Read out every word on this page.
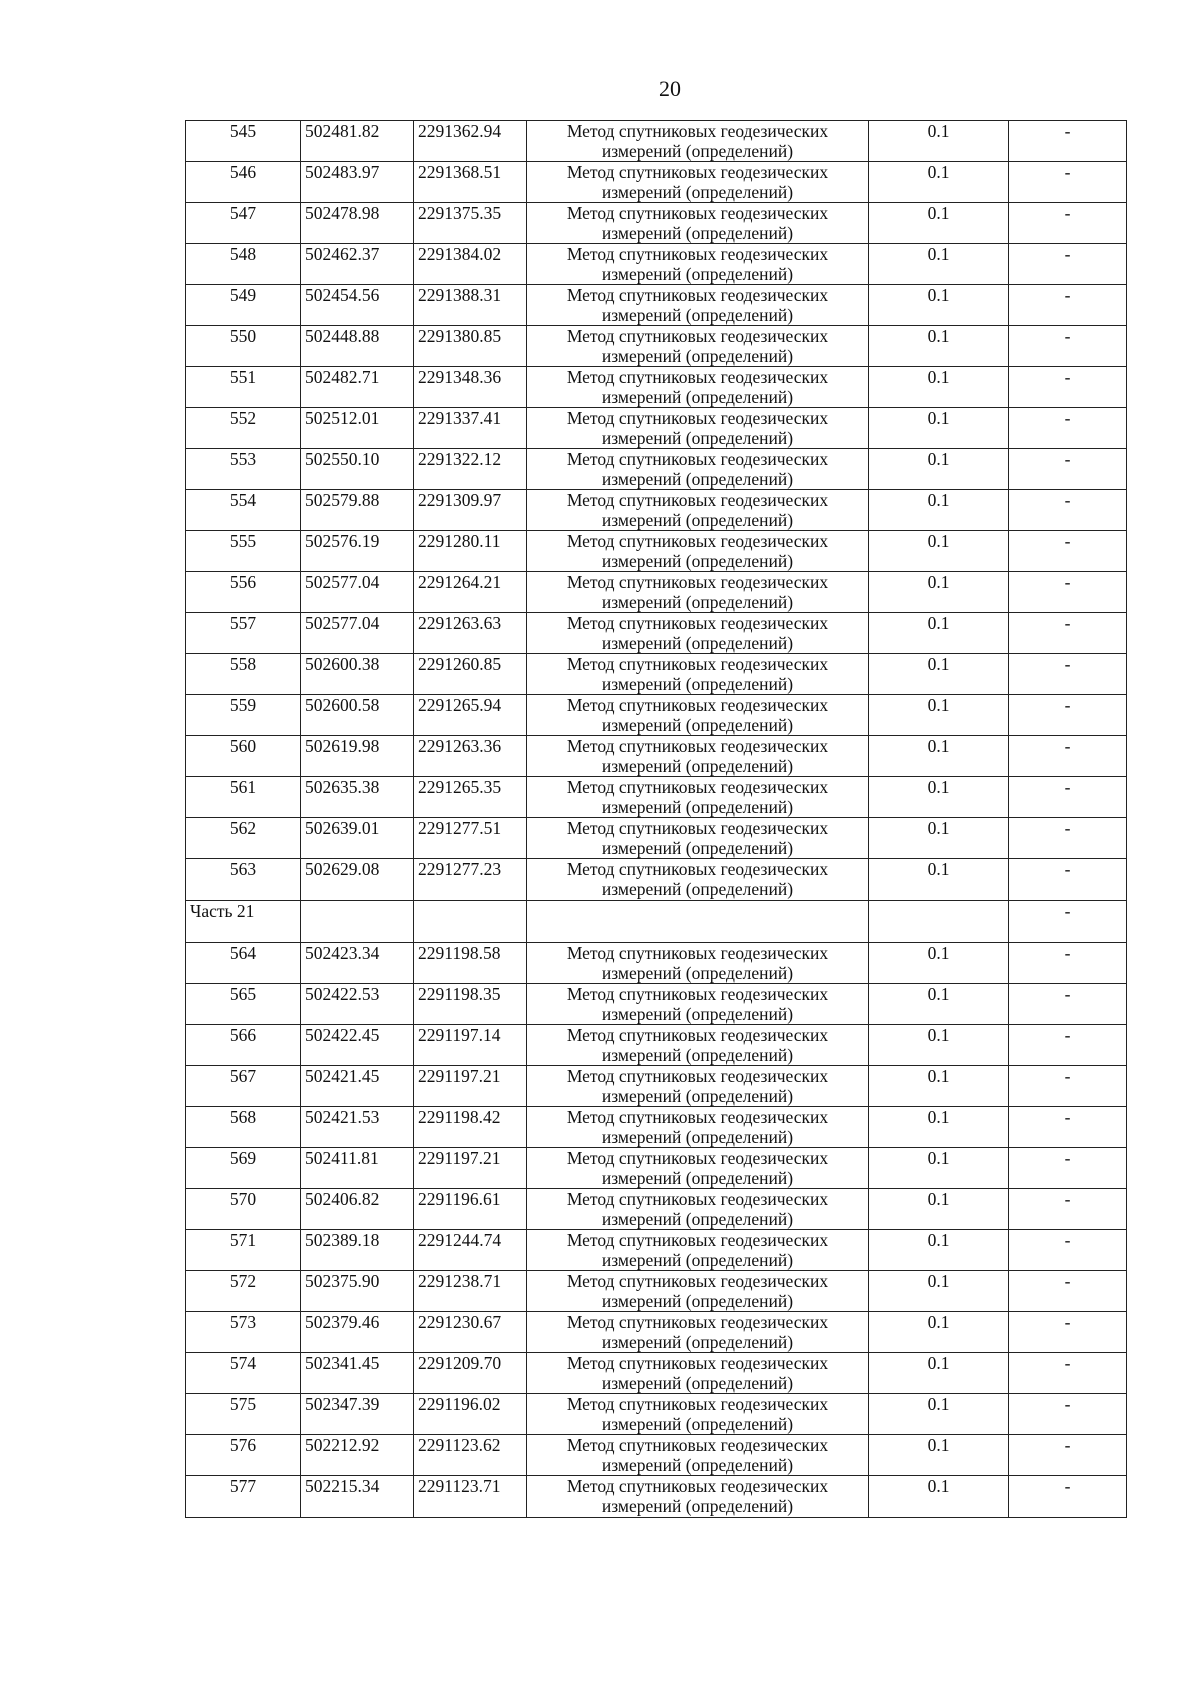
20
545	502481.82	2291362.94	Метод спутниковых геодезических измерений (определений)	0.1	-
546	502483.97	2291368.51	Метод спутниковых геодезических измерений (определений)	0.1	-
547	502478.98	2291375.35	Метод спутниковых геодезических измерений (определений)	0.1	-
548	502462.37	2291384.02	Метод спутниковых геодезических измерений (определений)	0.1	-
549	502454.56	2291388.31	Метод спутниковых геодезических измерений (определений)	0.1	-
550	502448.88	2291380.85	Метод спутниковых геодезических измерений (определений)	0.1	-
551	502482.71	2291348.36	Метод спутниковых геодезических измерений (определений)	0.1	-
552	502512.01	2291337.41	Метод спутниковых геодезических измерений (определений)	0.1	-
553	502550.10	2291322.12	Метод спутниковых геодезических измерений (определений)	0.1	-
554	502579.88	2291309.97	Метод спутниковых геодезических измерений (определений)	0.1	-
555	502576.19	2291280.11	Метод спутниковых геодезических измерений (определений)	0.1	-
556	502577.04	2291264.21	Метод спутниковых геодезических измерений (определений)	0.1	-
557	502577.04	2291263.63	Метод спутниковых геодезических измерений (определений)	0.1	-
558	502600.38	2291260.85	Метод спутниковых геодезических измерений (определений)	0.1	-
559	502600.58	2291265.94	Метод спутниковых геодезических измерений (определений)	0.1	-
560	502619.98	2291263.36	Метод спутниковых геодезических измерений (определений)	0.1	-
561	502635.38	2291265.35	Метод спутниковых геодезических измерений (определений)	0.1	-
562	502639.01	2291277.51	Метод спутниковых геодезических измерений (определений)	0.1	-
563	502629.08	2291277.23	Метод спутниковых геодезических измерений (определений)	0.1	-
Часть 21					-
564	502423.34	2291198.58	Метод спутниковых геодезических измерений (определений)	0.1	-
565	502422.53	2291198.35	Метод спутниковых геодезических измерений (определений)	0.1	-
566	502422.45	2291197.14	Метод спутниковых геодезических измерений (определений)	0.1	-
567	502421.45	2291197.21	Метод спутниковых геодезических измерений (определений)	0.1	-
568	502421.53	2291198.42	Метод спутниковых геодезических измерений (определений)	0.1	-
569	502411.81	2291197.21	Метод спутниковых геодезических измерений (определений)	0.1	-
570	502406.82	2291196.61	Метод спутниковых геодезических измерений (определений)	0.1	-
571	502389.18	2291244.74	Метод спутниковых геодезических измерений (определений)	0.1	-
572	502375.90	2291238.71	Метод спутниковых геодезических измерений (определений)	0.1	-
573	502379.46	2291230.67	Метод спутниковых геодезических измерений (определений)	0.1	-
574	502341.45	2291209.70	Метод спутниковых геодезических измерений (определений)	0.1	-
575	502347.39	2291196.02	Метод спутниковых геодезических измерений (определений)	0.1	-
576	502212.92	2291123.62	Метод спутниковых геодезических измерений (определений)	0.1	-
577	502215.34	2291123.71	Метод спутниковых геодезических измерений (определений)	0.1	-
